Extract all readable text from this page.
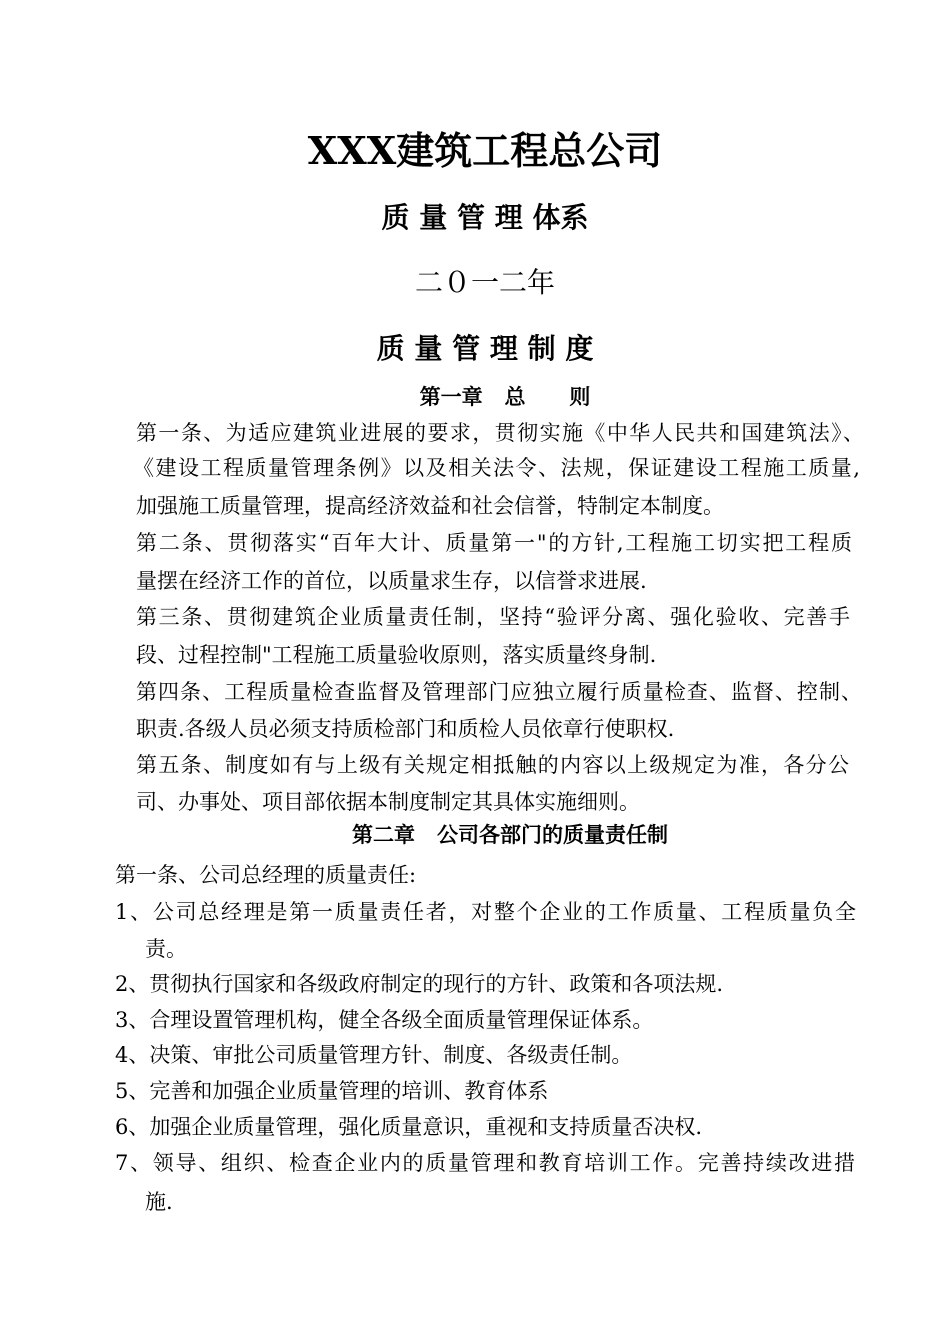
XXX建筑工程总公司
质 量 管 理 体系
二０一二年
质 量 管 理 制 度
第一章   总      则
第一条、为适应建筑业进展的要求，贯彻实施《中华人民共和国建筑法》、
《建设工程质量管理条例》以及相关法令、法规，保证建设工程施工质量,
加强施工质量管理，提高经济效益和社会信誉，特制定本制度。
第二条、贯彻落实“百年大计、质量第一"的方针,工程施工切实把工程质
量摆在经济工作的首位，以质量求生存，以信誉求进展.
第三条、贯彻建筑企业质量责任制，坚持“验评分离、强化验收、完善手
段、过程控制"工程施工质量验收原则，落实质量终身制.
第四条、工程质量检查监督及管理部门应独立履行质量检查、监督、控制、
职责.各级人员必须支持质检部门和质检人员依章行使职权.
第五条、制度如有与上级有关规定相抵触的内容以上级规定为准，各分公
司、办事处、项目部依据本制度制定其具体实施细则。
第二章   公司各部门的质量责任制
第一条、公司总经理的质量责任:
1、公司总经理是第一质量责任者，对整个企业的工作质量、工程质量负全
责。
2、贯彻执行国家和各级政府制定的现行的方针、政策和各项法规.
3、合理设置管理机构，健全各级全面质量管理保证体系。
4、决策、审批公司质量管理方针、制度、各级责任制。
5、完善和加强企业质量管理的培训、教育体系
6、加强企业质量管理，强化质量意识，重视和支持质量否决权.
7、领导、组织、检查企业内的质量管理和教育培训工作。完善持续改进措
施.
